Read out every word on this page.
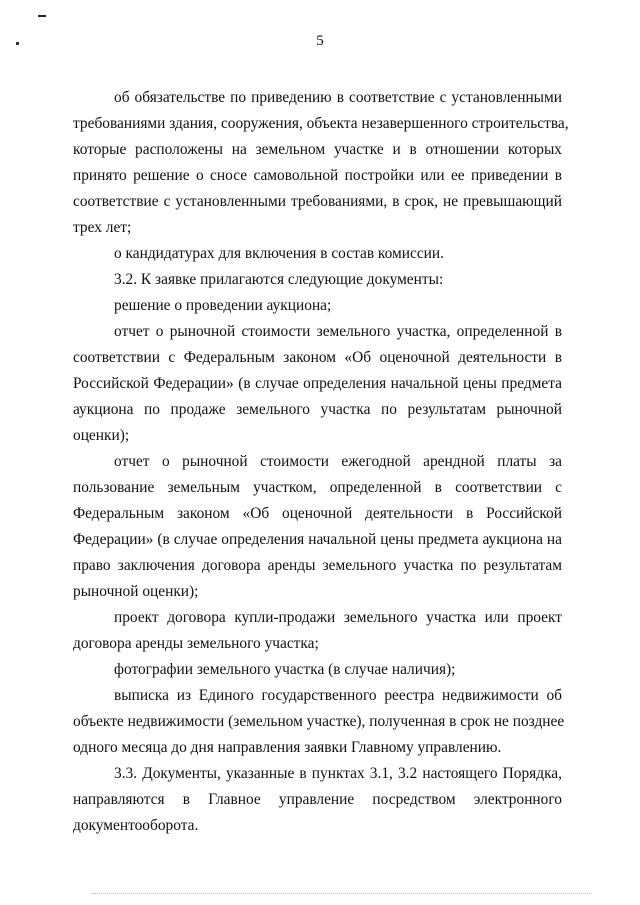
5
об обязательстве по приведению в соответствие с установленными
требованиями здания, сооружения, объекта незавершенного строительства,
которые расположены на земельном участке и в отношении которых
принято решение о сносе самовольной постройки или ее приведении в
соответствие с установленными требованиями, в срок, не превышающий
трех лет;
о кандидатурах для включения в состав комиссии.
3.2. К заявке прилагаются следующие документы:
решение о проведении аукциона;
отчет о рыночной стоимости земельного участка, определенной в
соответствии с Федеральным законом «Об оценочной деятельности в
Российской Федерации» (в случае определения начальной цены предмета
аукциона по продаже земельного участка по результатам рыночной
оценки);
отчет о рыночной стоимости ежегодной арендной платы за
пользование земельным участком, определенной в соответствии с
Федеральным законом «Об оценочной деятельности в Российской
Федерации» (в случае определения начальной цены предмета аукциона на
право заключения договора аренды земельного участка по результатам
рыночной оценки);
проект договора купли-продажи земельного участка или проект
договора аренды земельного участка;
фотографии земельного участка (в случае наличия);
выписка из Единого государственного реестра недвижимости об
объекте недвижимости (земельном участке), полученная в срок не позднее
одного месяца до дня направления заявки Главному управлению.
3.3. Документы, указанные в пунктах 3.1, 3.2 настоящего Порядка,
направляются в Главное управление посредством электронного
документооборота.
